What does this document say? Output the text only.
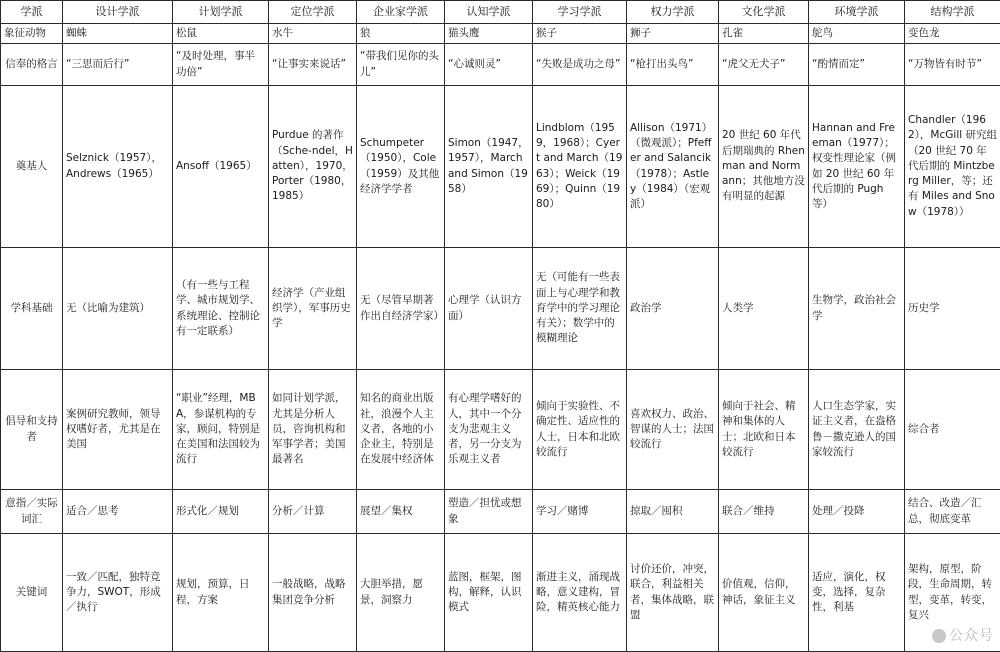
学派	设计学派	计划学派	定位学派	企业家学派	认知学派	学习学派	权力学派	文化学派	环境学派	结构学派
象征动物	蜘蛛	松鼠	水牛	狼	猫头鹰	猴子	狮子	孔雀	鸵鸟	变色龙
信奉的格言	“三思而后行”	“及时处理，事半功倍”	“让事实来说话”	“带我们见你的头儿”	“心诚则灵”	“失败是成功之母”	“枪打出头鸟”	“虎父无犬子”	“酌情而定”	“万物皆有时节”
奠基人	Selznick（1957），Andrews（1965）	Ansoff（1965）	Purdue 的著作（Sche-ndel，Hatten），1970，Porter（1980，1985）	Schumpeter（1950），Cole（1959）及其他经济学学者	Simon（1947，1957），March and Simon（1958）	Lindblom（1959，1968）；Cyert and March（1963）；Weick（1969）；Quinn（1980）	Allison（1971）（微观派）；Pfeffer and Salancik（1978）；Astley（1984）（宏观派）	20 世纪 60 年代后期瑞典的 Rhenman and Normann；其他地方没有明显的起源	Hannan and Freeman（1977）；权变性理论家（例如 20 世纪 60 年代后期的 Pugh 等）	Chandler（1962），McGill 研究组（20 世纪 70 年代后期的 Mintzberg Miller，等；还有 Miles and Snow（1978））
学科基础	无（比喻为建筑）	（有一些与工程学、城市规划学、系统理论、控制论有一定联系）	经济学（产业组织学），军事历史学	无（尽管早期著作出自经济学家）	心理学（认识方面）	无（可能有一些表面上与心理学和教育学中的学习理论有关）；数学中的模糊理论	政治学	人类学	生物学，政治社会学	历史学
倡导和支持者	案例研究教师，领导权嗜好者，尤其是在美国	“职业”经理，MBA，参谋机构的专家，顾问，特别是在美国和法国较为流行	如同计划学派，尤其是分析人员，咨询机构和军事学者；美国最著名	知名的商业出版社，浪漫个人主义者，各地的小企业主，特别是在发展中经济体	有心理学嗜好的人，其中一个分支为悲观主义者，另一分支为乐观主义者	倾向于实验性、不确定性、适应性的人士，日本和北欧较流行	喜欢权力、政治、智谋的人士；法国较流行	倾向于社会、精神和集体的人士；北欧和日本较流行	人口生态学家，实证主义者，在盎格鲁－撒克逊人的国家较流行	综合者
意指／实际词汇	适合／思考	形式化／规划	分析／计算	展望／集权	塑造／担忧或想象	学习／赌博	掠取／囤积	联合／维持	处理／投降	结合、改造／汇总，彻底变革
关键词	一致／匹配，独特竞争力，SWOT，形成／执行	规划，预算，日程，方案	一般战略，战略集团竞争分析	大胆举措，愿景，洞察力	蓝图，框架，图构，解释，认识模式	渐进主义，涌现战略，意义建构，冒险，精英核心能力	讨价还价，冲突，联合，利益相关者，集体战略，联盟	价值观，信仰，神话，象征主义	适应，演化，权变，选择，复杂性，利基	架构，原型，阶段，生命周期，转型，变革，转变，复兴
公众号
